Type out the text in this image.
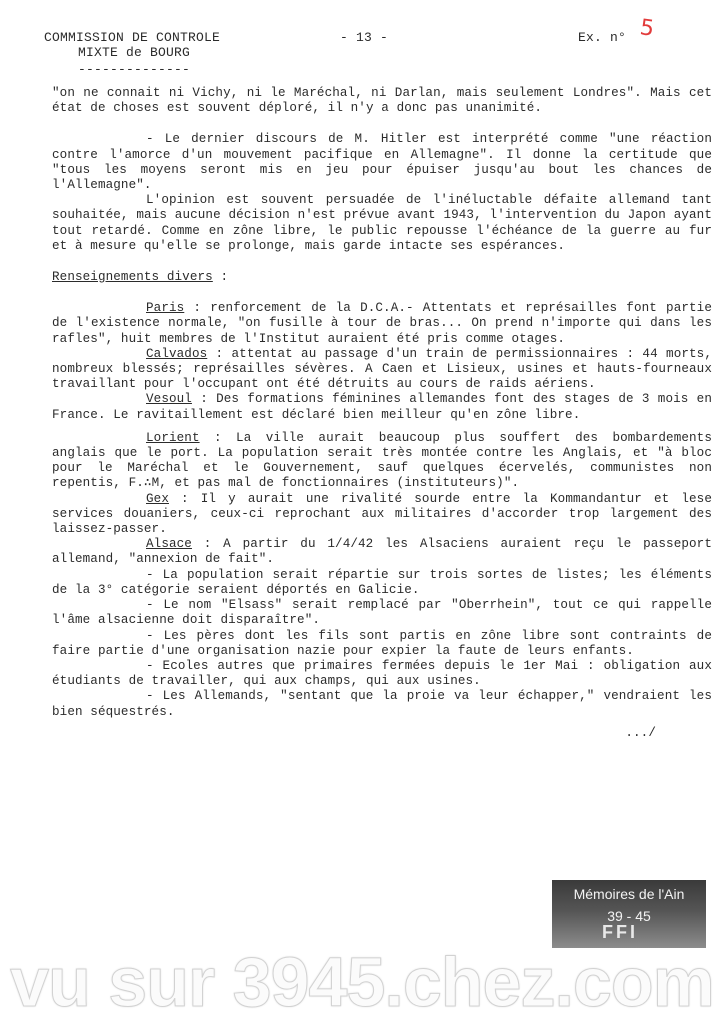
COMMISSION DE CONTROLE
MIXTE de BOURG
--------------
- 13 -	Ex. n° 5

"on ne connait ni Vichy, ni le Maréchal, ni Darlan, mais seulement Londres". Mais cet état de choses est souvent déploré, il n'y a donc pas unanimité.

- Le dernier discours de M. Hitler est interprété comme "une réaction contre l'amorce d'un mouvement pacifique en Allemagne". Il donne la certitude que "tous les moyens seront mis en jeu pour épuiser jusqu'au bout les chances de l'Allemagne".

L'opinion est souvent persuadée de l'inéluctable défaite allemand tant souhaitée, mais aucune décision n'est prévue avant 1943, l'intervention du Japon ayant tout retardé. Comme en zône libre, le public repousse l'échéance de la guerre au fur et à mesure qu'elle se prolonge, mais garde intacte ses espérances.

Renseignements divers :

Paris : renforcement de la D.C.A.- Attentats et représailles font partie de l'existence normale, "on fusille à tour de bras... On prend n'importe qui dans les rafles", huit membres de l'Institut auraient été pris comme otages.

Calvados : attentat au passage d'un train de permissionnaires : 44 morts, nombreux blessés; représailles sévères. A Caen et Lisieux, usines et hauts-fourneaux travaillant pour l'occupant ont été détruits au cours de raids aériens.

Vesoul : Des formations féminines allemandes font des stages de 3 mois en France. Le ravitaillement est déclaré bien meilleur qu'en zône libre.

Lorient : La ville aurait beaucoup plus souffert des bombardements anglais que le port. La population serait très montée contre les Anglais, et "à bloc pour le Maréchal et le Gouvernement, sauf quelques écervelés, communistes non repentis, F.∴M, et pas mal de fonctionnaires (instituteurs)".

Gex : Il y aurait une rivalité sourde entre la Kommandantur et lese services douaniers, ceux-ci reprochant aux militaires d'accorder trop largement des laissez-passer.

Alsace : A partir du 1/4/42 les Alsaciens auraient reçu le passeport allemand, "annexion de fait".

- La population serait répartie sur trois sortes de listes; les éléments de la 3° catégorie seraient déportés en Galicie.

- Le nom "Elsass" serait remplacé par "Oberrhein", tout ce qui rappelle l'âme alsacienne doit disparaître".

- Les pères dont les fils sont partis en zône libre sont contraints de faire partie d'une organisation nazie pour expier la faute de leurs enfants.

- Ecoles autres que primaires fermées depuis le 1er Mai : obligation aux étudiants de travailler, qui aux champs, qui aux usines.

- Les Allemands, "sentant que la proie va leur échapper," vendraient les bien séquestrés.

.../

Mémoires de l'Ain
39 - 45
FFI
vu sur 3945.chez.com
